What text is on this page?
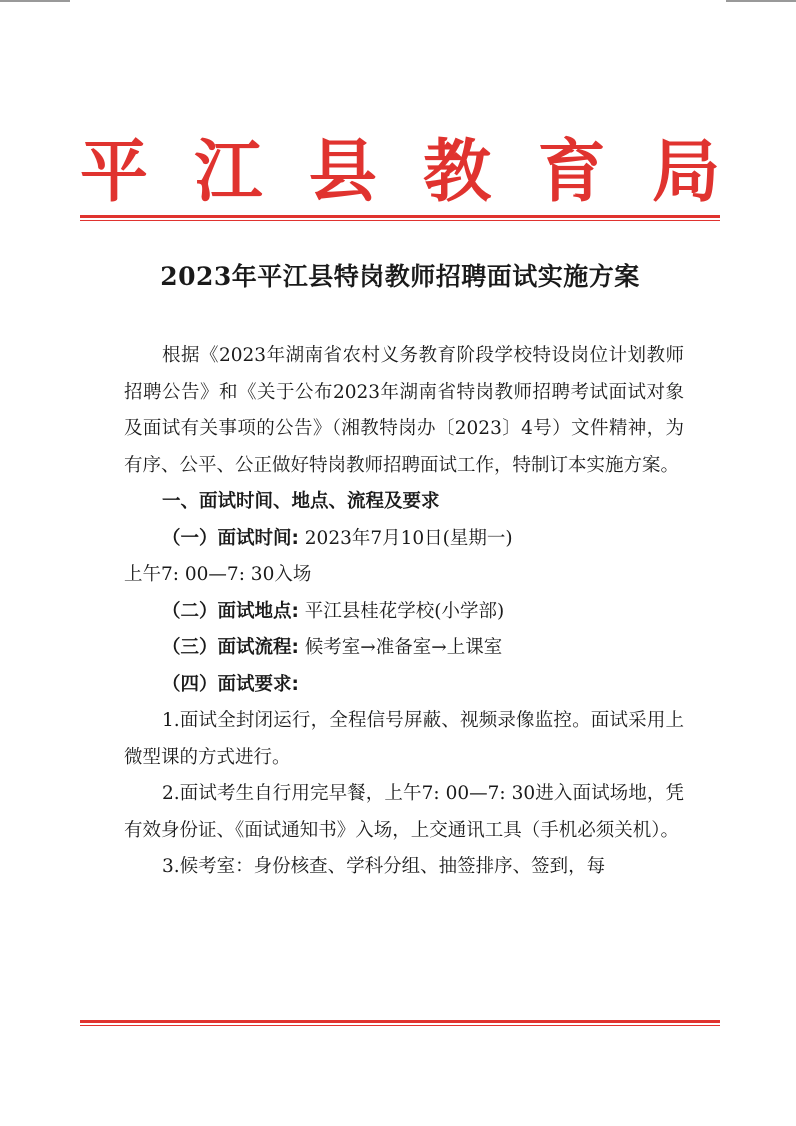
平 江 县 教 育 局
2023年平江县特岗教师招聘面试实施方案

根据《2023年湖南省农村义务教育阶段学校特设岗位计划教师招聘公告》和《关于公布2023年湖南省特岗教师招聘考试面试对象及面试有关事项的公告》（湘教特岗办〔2023〕4号）文件精神，为有序、公平、公正做好特岗教师招聘面试工作，特制订本实施方案。

一、面试时间、地点、流程及要求

（一）面试时间: 2023年7月10日(星期一)

上午7: 00—7: 30入场

（二）面试地点: 平江县桂花学校(小学部)

（三）面试流程: 候考室→准备室→上课室

（四）面试要求:

1.面试全封闭运行，全程信号屏蔽、视频录像监控。面试采用上微型课的方式进行。

2.面试考生自行用完早餐，上午7: 00—7: 30进入面试场地，凭有效身份证、《面试通知书》入场，上交通讯工具（手机必须关机）。

3.候考室：身份核查、学科分组、抽签排序、签到，每
